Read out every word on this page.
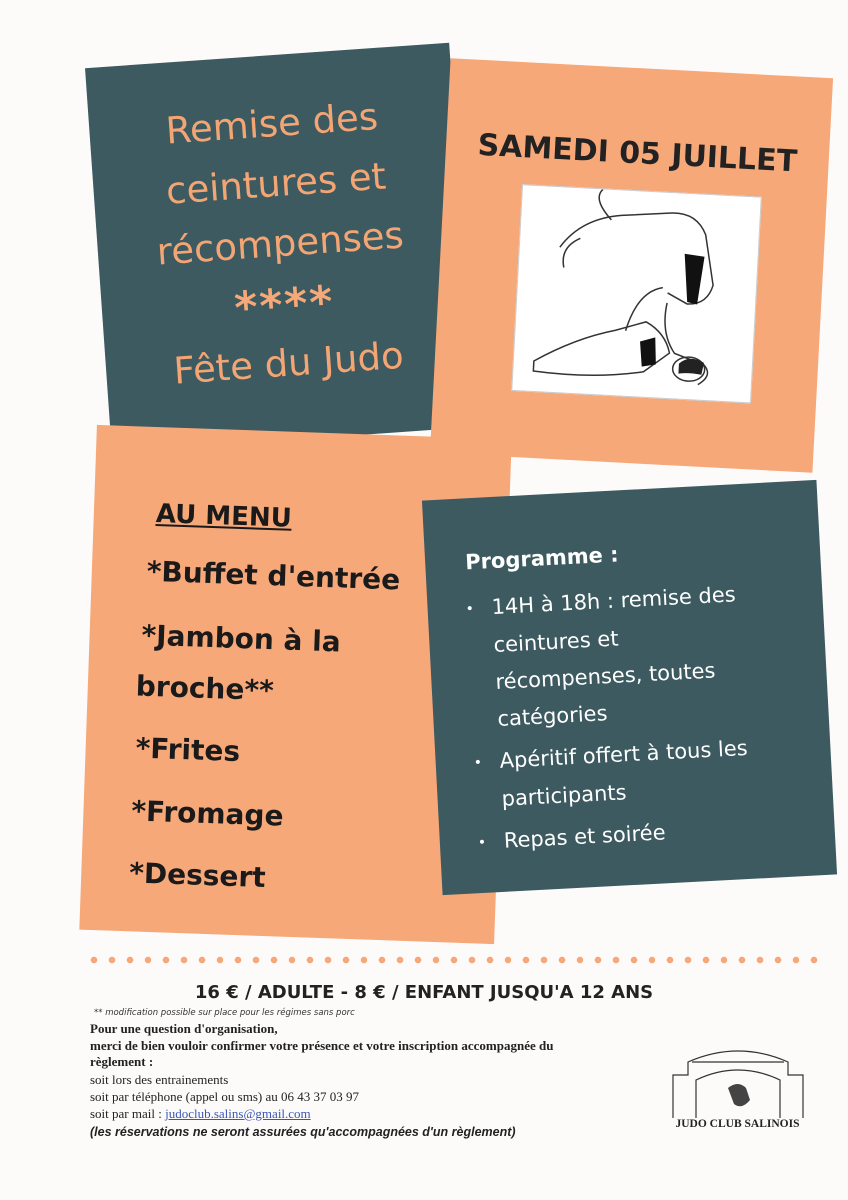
Remise des
ceintures et
récompenses
****
Fête du Judo
SAMEDI 05 JUILLET
AU MENU
*Buffet d'entrée
*Jambon à la
broche**
*Frites
*Fromage
*Dessert
Programme :
• 14H à 18h : remise des
ceintures et
récompenses, toutes
catégories
• Apéritif offert à tous les
participants
• Repas et soirée
16 € / ADULTE - 8 € / ENFANT JUSQU'A 12 ANS
** modification possible sur place pour les régimes sans porc
Pour une question d'organisation,
merci de bien vouloir confirmer votre présence et votre inscription accompagnée du
règlement :
soit lors des entrainements
soit par téléphone (appel ou sms) au 06 43 37 03 97
soit par mail : judoclub.salins@gmail.com
(les réservations ne seront assurées qu'accompagnées d'un règlement)
JUDO CLUB SALINOIS
